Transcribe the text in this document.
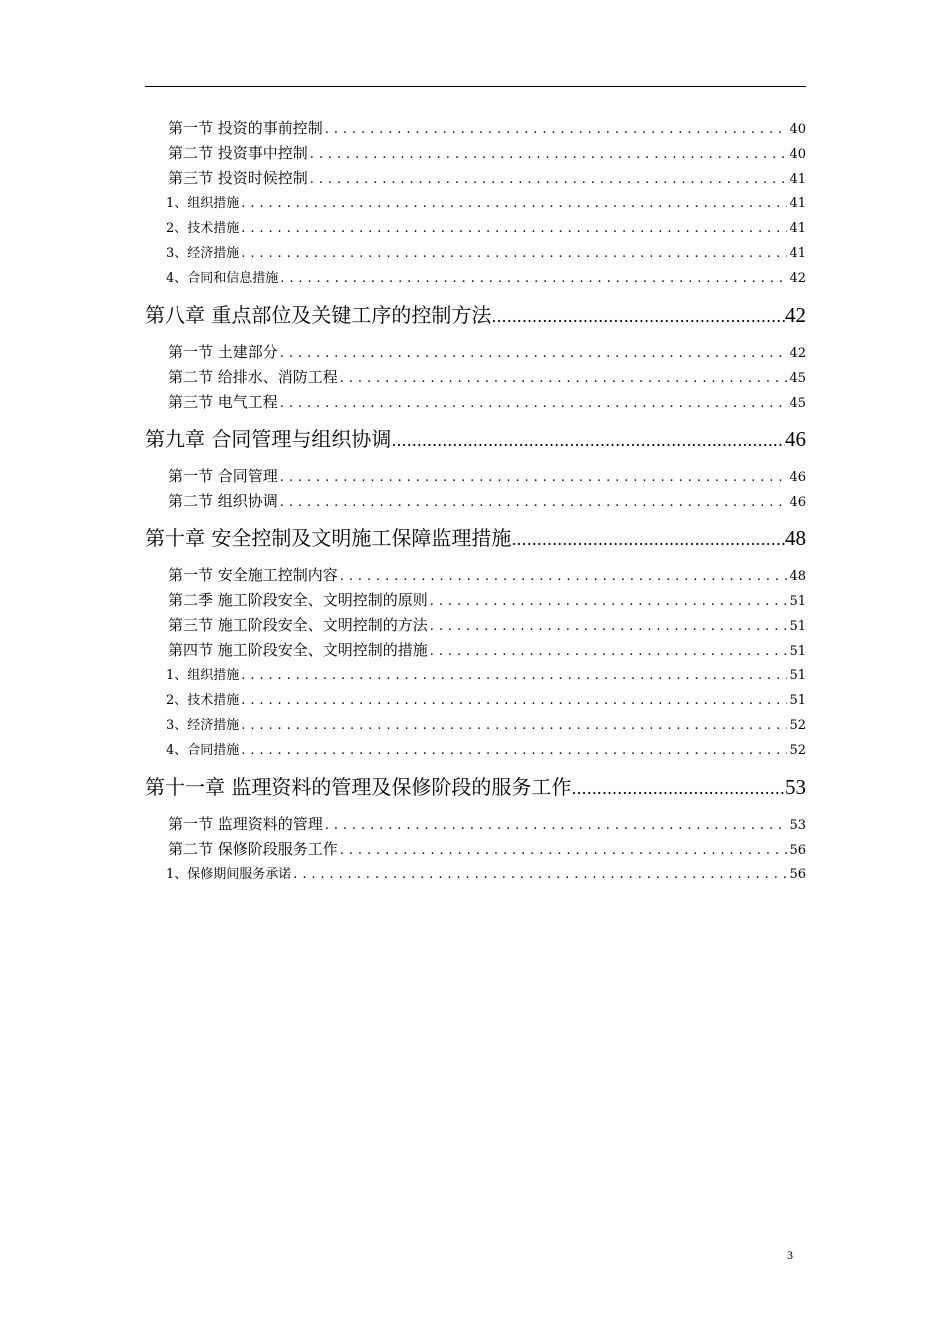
第一节 投资的事前控制 . . .	40
第二节 投资事中控制 . . .	40
第三节 投资时候控制 . . .	41
1、组织措施 . . .	41
2、技术措施 . . .	41
3、经济措施 . . .	41
4、合同和信息措施 . . .	42
第八章 重点部位及关键工序的控制方法 .....	42
第一节 土建部分 . . .	42
第二节 给排水、消防工程 . . .	45
第三节 电气工程 . . .	45
第九章 合同管理与组织协调 .....	46
第一节 合同管理 . . .	46
第二节 组织协调 . . .	46
第十章 安全控制及文明施工保障监理措施 .....	48
第一节 安全施工控制内容 . . .	48
第二季 施工阶段安全、文明控制的原则 . . .	51
第三节 施工阶段安全、文明控制的方法 . . .	51
第四节 施工阶段安全、文明控制的措施 . . .	51
1、组织措施 . . .	51
2、技术措施 . . .	51
3、经济措施 . . .	52
4、合同措施 . . .	52
第十一章 监理资料的管理及保修阶段的服务工作 .....	53
第一节 监理资料的管理 . . .	53
第二节 保修阶段服务工作 . . .	56
1、保修期间服务承诺 . . .	56
3
